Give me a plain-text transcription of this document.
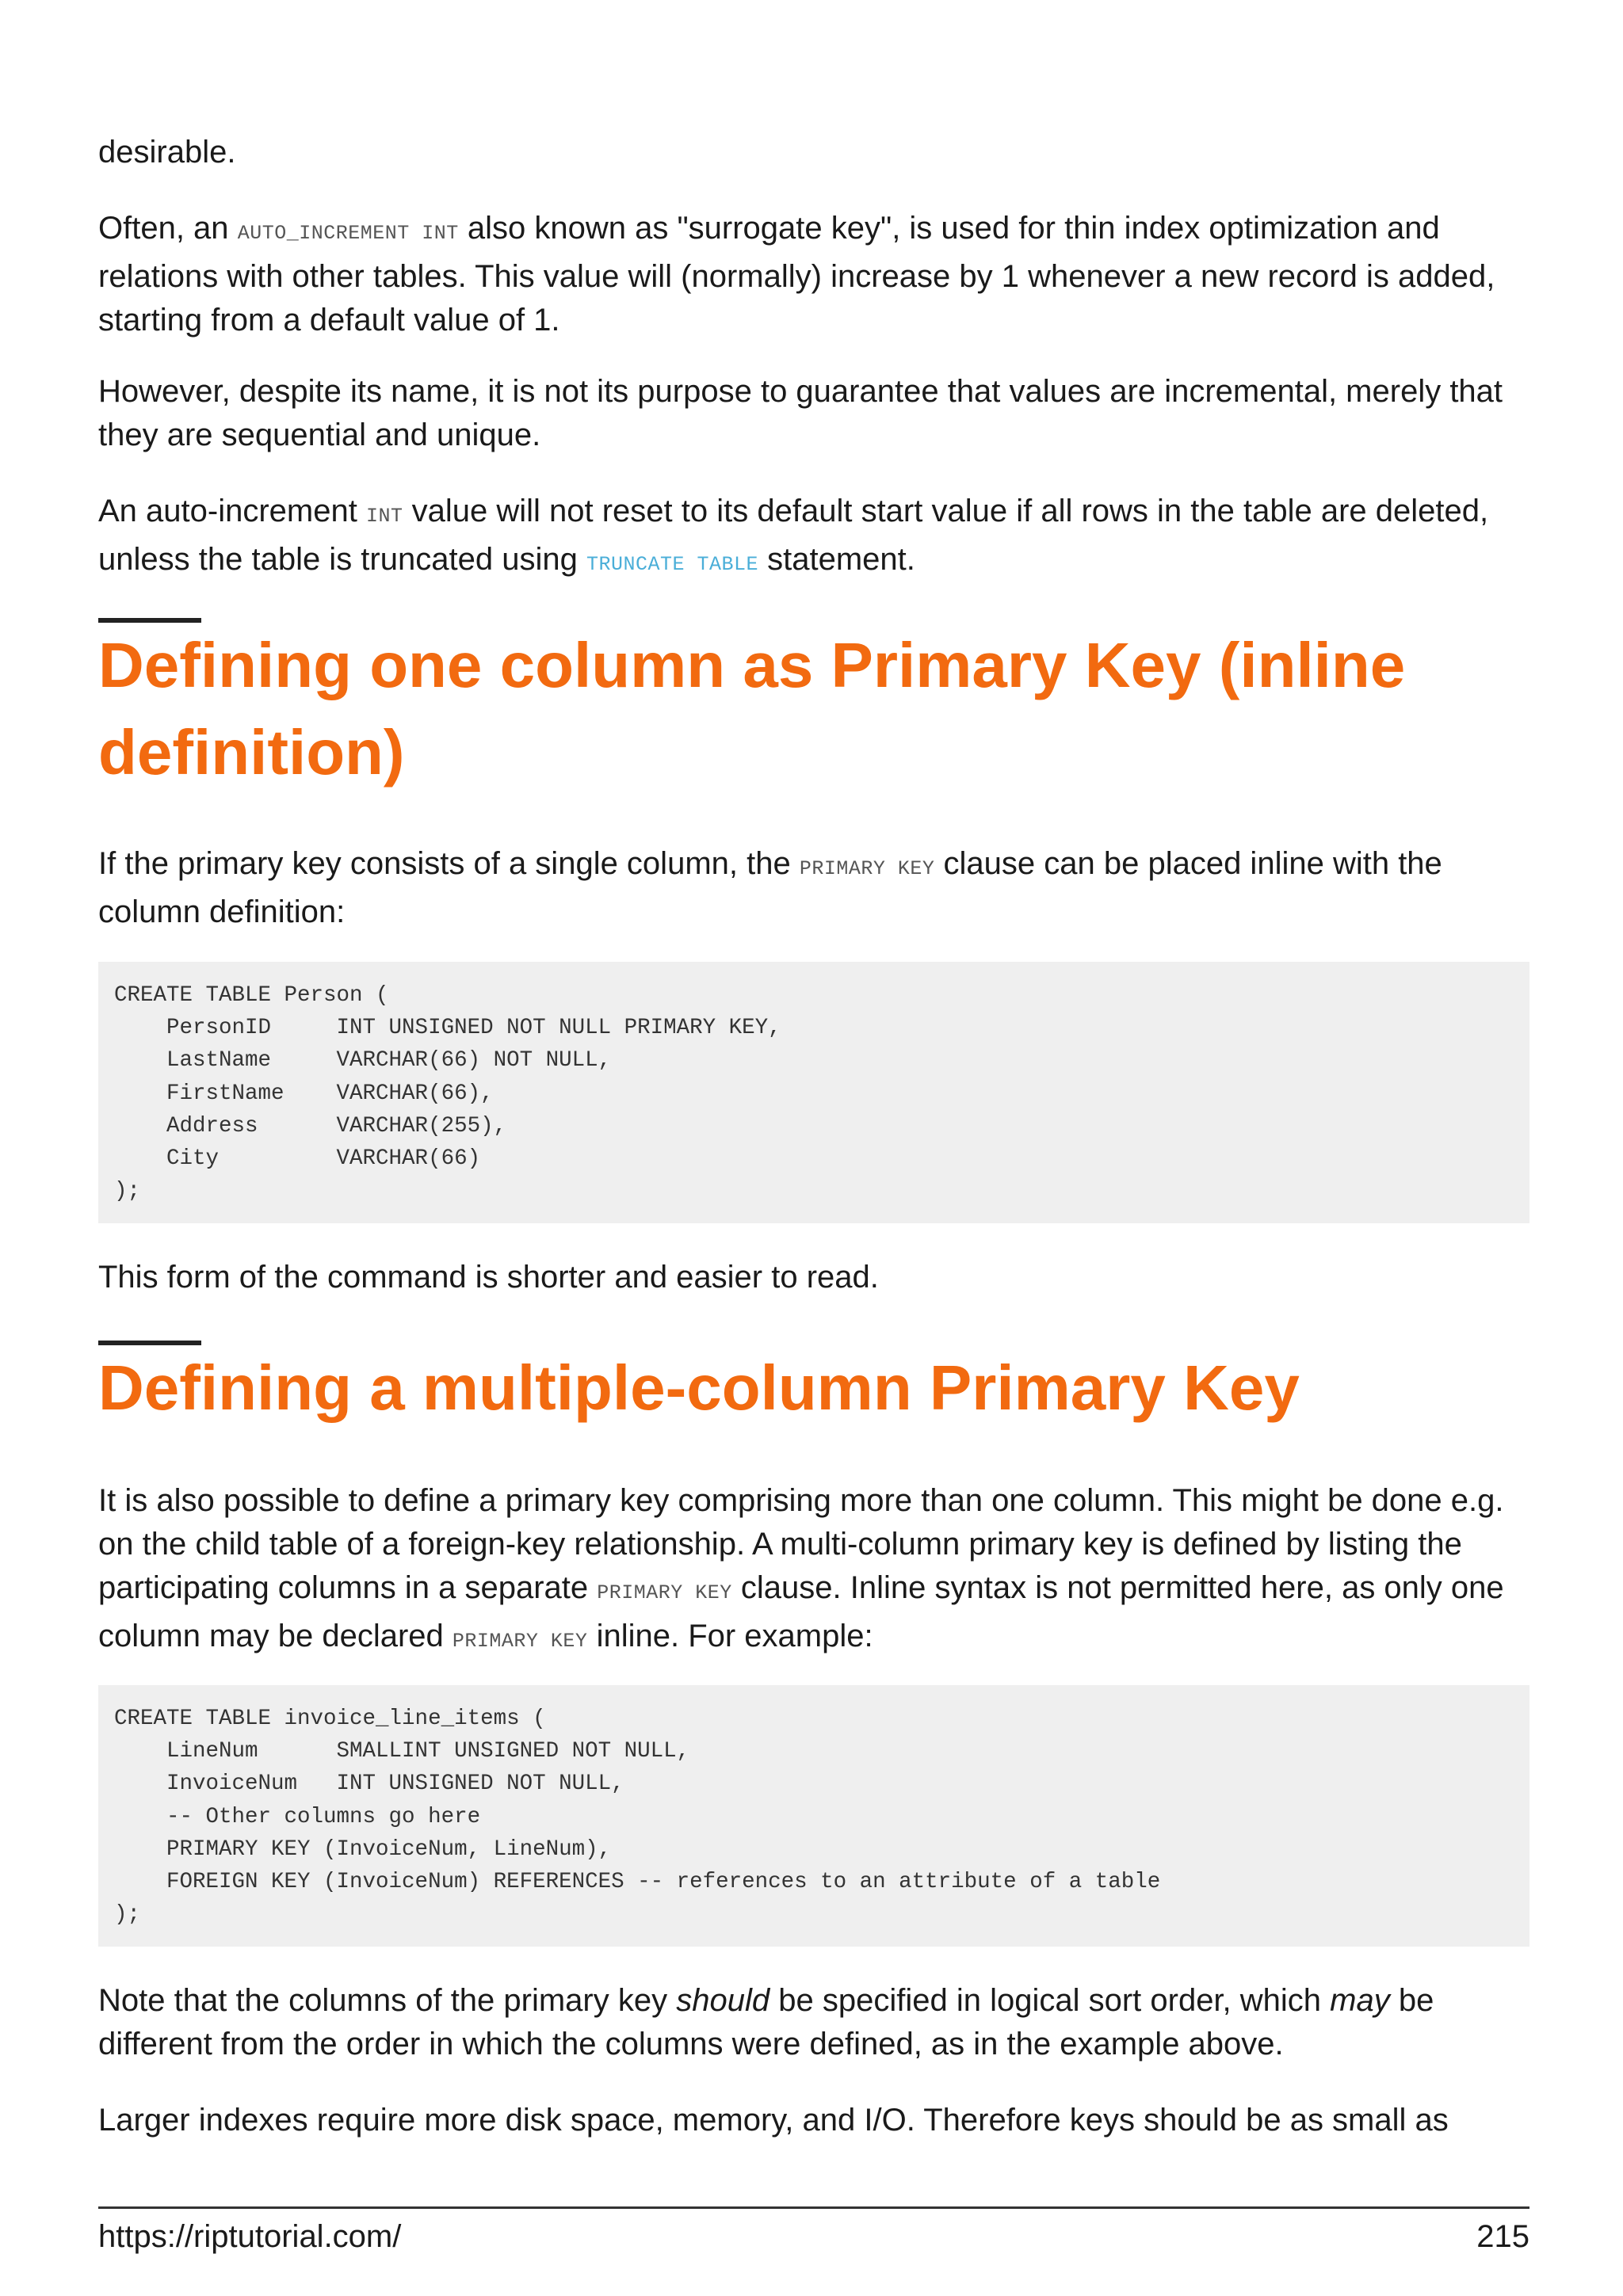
desirable.

Often, an AUTO_INCREMENT INT also known as "surrogate key", is used for thin index optimization and relations with other tables. This value will (normally) increase by 1 whenever a new record is added, starting from a default value of 1.

However, despite its name, it is not its purpose to guarantee that values are incremental, merely that they are sequential and unique.

An auto-increment INT value will not reset to its default start value if all rows in the table are deleted, unless the table is truncated using TRUNCATE TABLE statement.

Defining one column as Primary Key (inline definition)

If the primary key consists of a single column, the PRIMARY KEY clause can be placed inline with the column definition:

CREATE TABLE Person (
PersonID     INT UNSIGNED NOT NULL PRIMARY KEY,
LastName     VARCHAR(66) NOT NULL,
FirstName    VARCHAR(66),
Address      VARCHAR(255),
City         VARCHAR(66)
);

This form of the command is shorter and easier to read.

Defining a multiple-column Primary Key

It is also possible to define a primary key comprising more than one column. This might be done e.g. on the child table of a foreign-key relationship. A multi-column primary key is defined by listing the participating columns in a separate PRIMARY KEY clause. Inline syntax is not permitted here, as only one column may be declared PRIMARY KEY inline. For example:

CREATE TABLE invoice_line_items (
LineNum      SMALLINT UNSIGNED NOT NULL,
InvoiceNum   INT UNSIGNED NOT NULL,
-- Other columns go here
PRIMARY KEY (InvoiceNum, LineNum),
FOREIGN KEY (InvoiceNum) REFERENCES -- references to an attribute of a table
);

Note that the columns of the primary key should be specified in logical sort order, which may be different from the order in which the columns were defined, as in the example above.

Larger indexes require more disk space, memory, and I/O. Therefore keys should be as small as

https://riptutorial.com/	215
